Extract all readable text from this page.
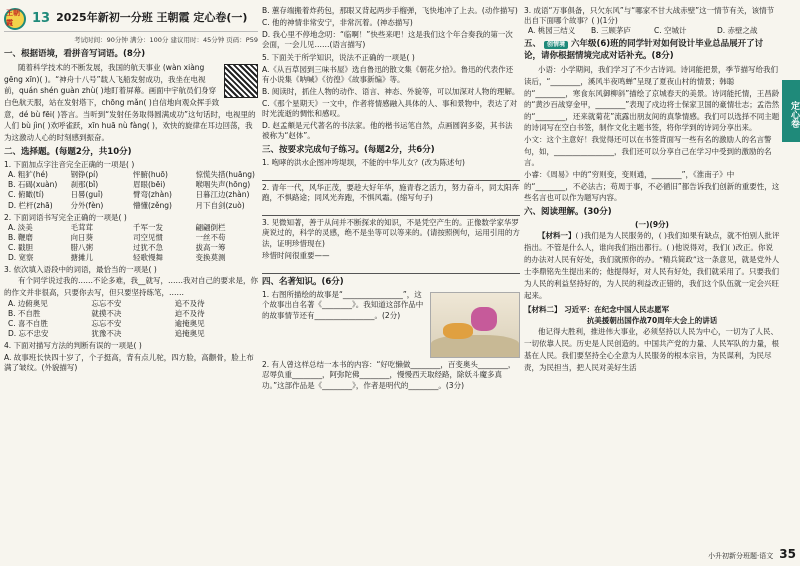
王朝霞	13 2025年新初一分班 王朝霞 定心卷(一)
考试时间：90分钟 满分：100分 建议用时：45分钟 页码：P59
一、根据语境，看拼音写词语。(8分)
随着科学技术的不断发展，我国的航天事业 (wàn xiàng gēng xīn)( )。“神舟十八号”载人飞船发射成功，我坐在电视前，quán shén guàn zhù( )地盯着屏幕。画面中宇航员们身穿白色航天服，站在发射塔下，chōng mǎn( )自信地向观众挥手致意，dé bù fēi( )答言。当听到“发射任务取得圆满成功”这句话时，电视里的人们 bù jìn( )欢呼雀跃，xīn huā nù fàng( )，欢快的旋律在耳边回荡，我为这激动人心的时刻感到振奋。
二、选择题。(每题2分，共10分)
1. 下面加点字注音完全正确的一项是( )
A. 粗犷(hé)	钢铮(pí)	怦腑(huō)	惊慌失措(huāng)
B. 石碣(xuàn)	刹那(bǐ)	眉眼(bēi)	喉咽失声(hōng)
C. 俯瞰(tí)	日晷(guǐ)	臂弯(zhàn)	日暮江边(zhàn)
D. 栏杆(zhā)	分外(fèn)	懵懂(zěng)	月下自剑(zuò)
2. 下面词语书写完全正确的一项是( )
A. 淡美	毛茸茸	千军一发	翩翩倒栏
B. 鞭磨	向日葵	司空见惯	一丝不苟
C. 戳胆	腊八粥	过犹不急	拔高一筹
D. 宽察	搪摊儿	轻歌慢舞	变换莫测
3. 依次填入语段中的词语，最恰当的一项是( )
有个同学说过我的……不论多难，我__就写，……我对自己的要求是，你的作文并非很高，只要你去写，但只要坚持练笔，……
A. 边俯奥见	忘忘不安	追不及待
B. 不自胜	就摸不决	迫不及待
C. 喜不自胜	忘忘不安	逾掩奥见
D. 忘不忠安	犹豫不决	追掩奥见
4. 下面对描写方法的判断有误的一项是( )
A. 故事班长快四十岁了，个子挺高，背有点儿驼，四方脸，高颧骨，脸上布满了皱纹。(外貌描写)
B. 蕙存端搬着炸药包，那眼又背起两步手榴弹，飞快地冲了上去。(动作描写)
C. 他的神情非常安宁，非常沉着。(神态描写)
D. 我心里不停地念叨：“临啊！”快些来吧！这是我们这个年合奏我的第一次会面，一会儿见……(语言描写)
5. 下面关于所学知识，说法不正确的一项是( )
A.《从百草园到三味书屋》选自鲁迅的散文集《朝花夕拾》。鲁迅的代表作还有小说集《呐喊》《彷徨》《故事新编》等。
B. 阅读时，抓住人物的动作、语言、神态、外貌等，可以加深对人物的理解。
C.《那个星期天》一文中，作者将情感融入具体的人、事和景物中，表达了对时光流逝的惆怅和感叹。
D. 赵孟頫是元代著名的书法家。他的楷书运笔自然，点画圆润多姿，其书法被称为“赵体”。
三、按要求完成句子练习。(每题2分，共6分)
1. 咆哮的洪水企图冲垮堤坝，不能的中华儿女？(改为陈述句)
2. 青年一代，风华正茂，要趁大好年华，施青春之活力，努力奋斗，同太阳奔跑，不惧路途；同风光奔跑，不惧风霜。(缩写句子)
3. 见微知著，善于从问并不断探求的知识，不是凭空产生的。正像数学家华罗庚说过的，科学的灵感，绝不是坐等可以等来的。(请按照例句，运用引用的方法，证明珍惜现在)
珍惜时间很重要——
四、名著知识。(6分)
1. 右图所描绘的故事是“________________”，这个故事出自名著《________》。我知道这部作品中的故事情节还有________________。(2分)
2. 有人曾这样总结一本书的内容：“好吃懒做________，百变奥头________，忍辱负重________，阿弥陀佛________，慢慢西天取经路，除妖斗魔多真功。”这部作品是《________》，作者是明代的________。(3分)
3. 成语“万事俱备，只欠东风”与“哪家不甘大战赤壁”这一情节有关，该情节出自下面哪个故事？( )(1分)
A. 桃园三结义	B. 三顾茅庐	C. 空城计	D. 赤壁之战
五、 创情境 六年级(6)班的同学针对如何设计毕业总品展开了讨论，请你根据情境完成对话补充。(8分)
小语：小学期间，我们学习了不少古诗词。诗词能把景，季节描写给我们读后，“________，溪风半夜鸣蝉”呈现了夏夜山村的情景；韩聪的“________，寒食东风御柳斜”描绘了京城春天的美景。诗词能托情，王昌龄的“黄沙百战穿金甲，________”表现了戍边将士保家卫国的豪情壮志；孟浩然的“________，还来就菊花”流露出朋友间的真挚情感。我们可以选择不同主题的诗词写在空白书签，制作文化主题书签，将你学到的诗词分享出来。
小文：这个主意好！我觉得还可以在书签背面写一些有名的激励人的名言警句，如，________________，我们还可以分享自己在学习中受到的激励的名言。
小睿：《周易》中的“穷则变，变则通，________”，《淮南子》中的“________，不必法古；苟周于事，不必循旧”都告诉我们创新的重要性，这些名言也可以作为题写内容。
六、阅读理解。(30分)
(一)(9分)
【材料一】( )我们是为人民服务的，( )我们如果有缺点，就不怕别人批评指出。不管是什么人，谁向我们指出都行。( )他说得对，我们( )改正。你说的办法对人民有好处，我们就照你的办。“精兵简政”这一条意见，就是党外人士李鼎铭先生提出来的；他提得好，对人民有好处，我们就采用了。只要我们为人民的利益坚持好的，为人民的利益改正错的，我们这个队伍就一定会兴旺起来。
【材料二】 习近平：在纪念中国人民志愿军
抗美援朝出国作战70周年大会上的讲话
他记得大胜利，推进伟大事业，必须坚持以人民为中心，一切为了人民、一切依靠人民。历史是人民创造的。中国共产党的力量、人民军队的力量，根基在人民。我们要坚持全心全意为人民服务的根本宗旨，为民谋利，为民尽责，为民担当，把人民对美好生活
定心卷
小升初新分班题·语文 35
